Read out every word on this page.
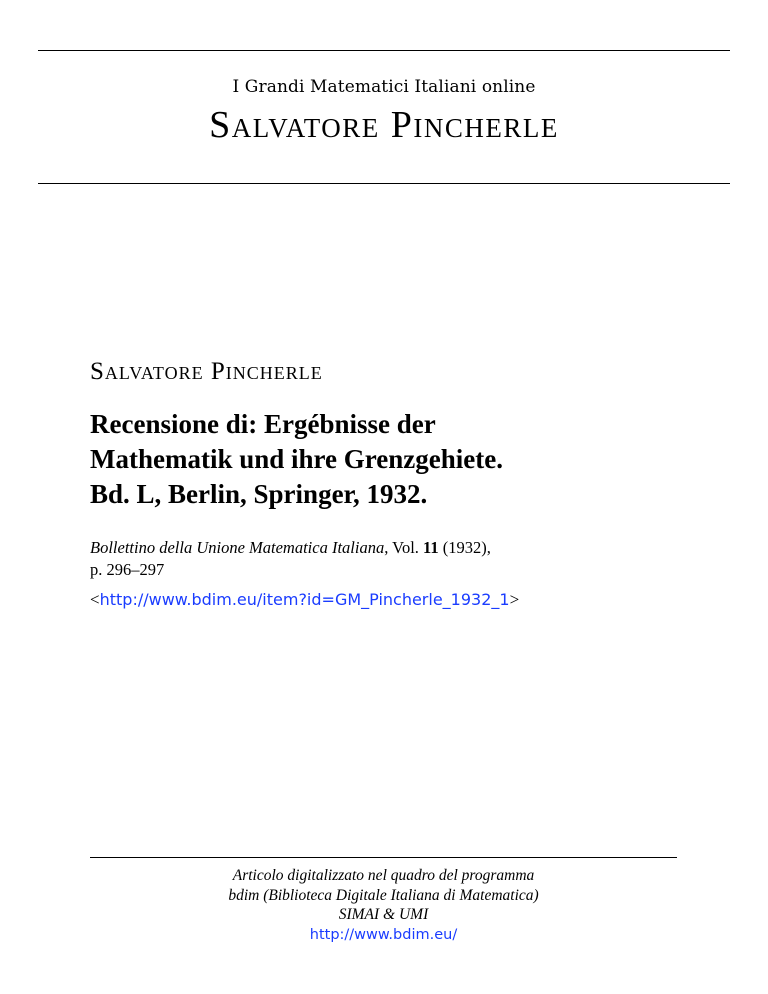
I Grandi Matematici Italiani online
Salvatore Pincherle
Salvatore Pincherle
Recensione di: Ergébnisse der
Mathematik und ihre Grenzgehiete.
Bd. L, Berlin, Springer, 1932.
Bollettino della Unione Matematica Italiana, Vol. 11 (1932),
p. 296–297
<http://www.bdim.eu/item?id=GM_Pincherle_1932_1>
Articolo digitalizzato nel quadro del programma
bdim (Biblioteca Digitale Italiana di Matematica)
SIMAI & UMI
http://www.bdim.eu/
